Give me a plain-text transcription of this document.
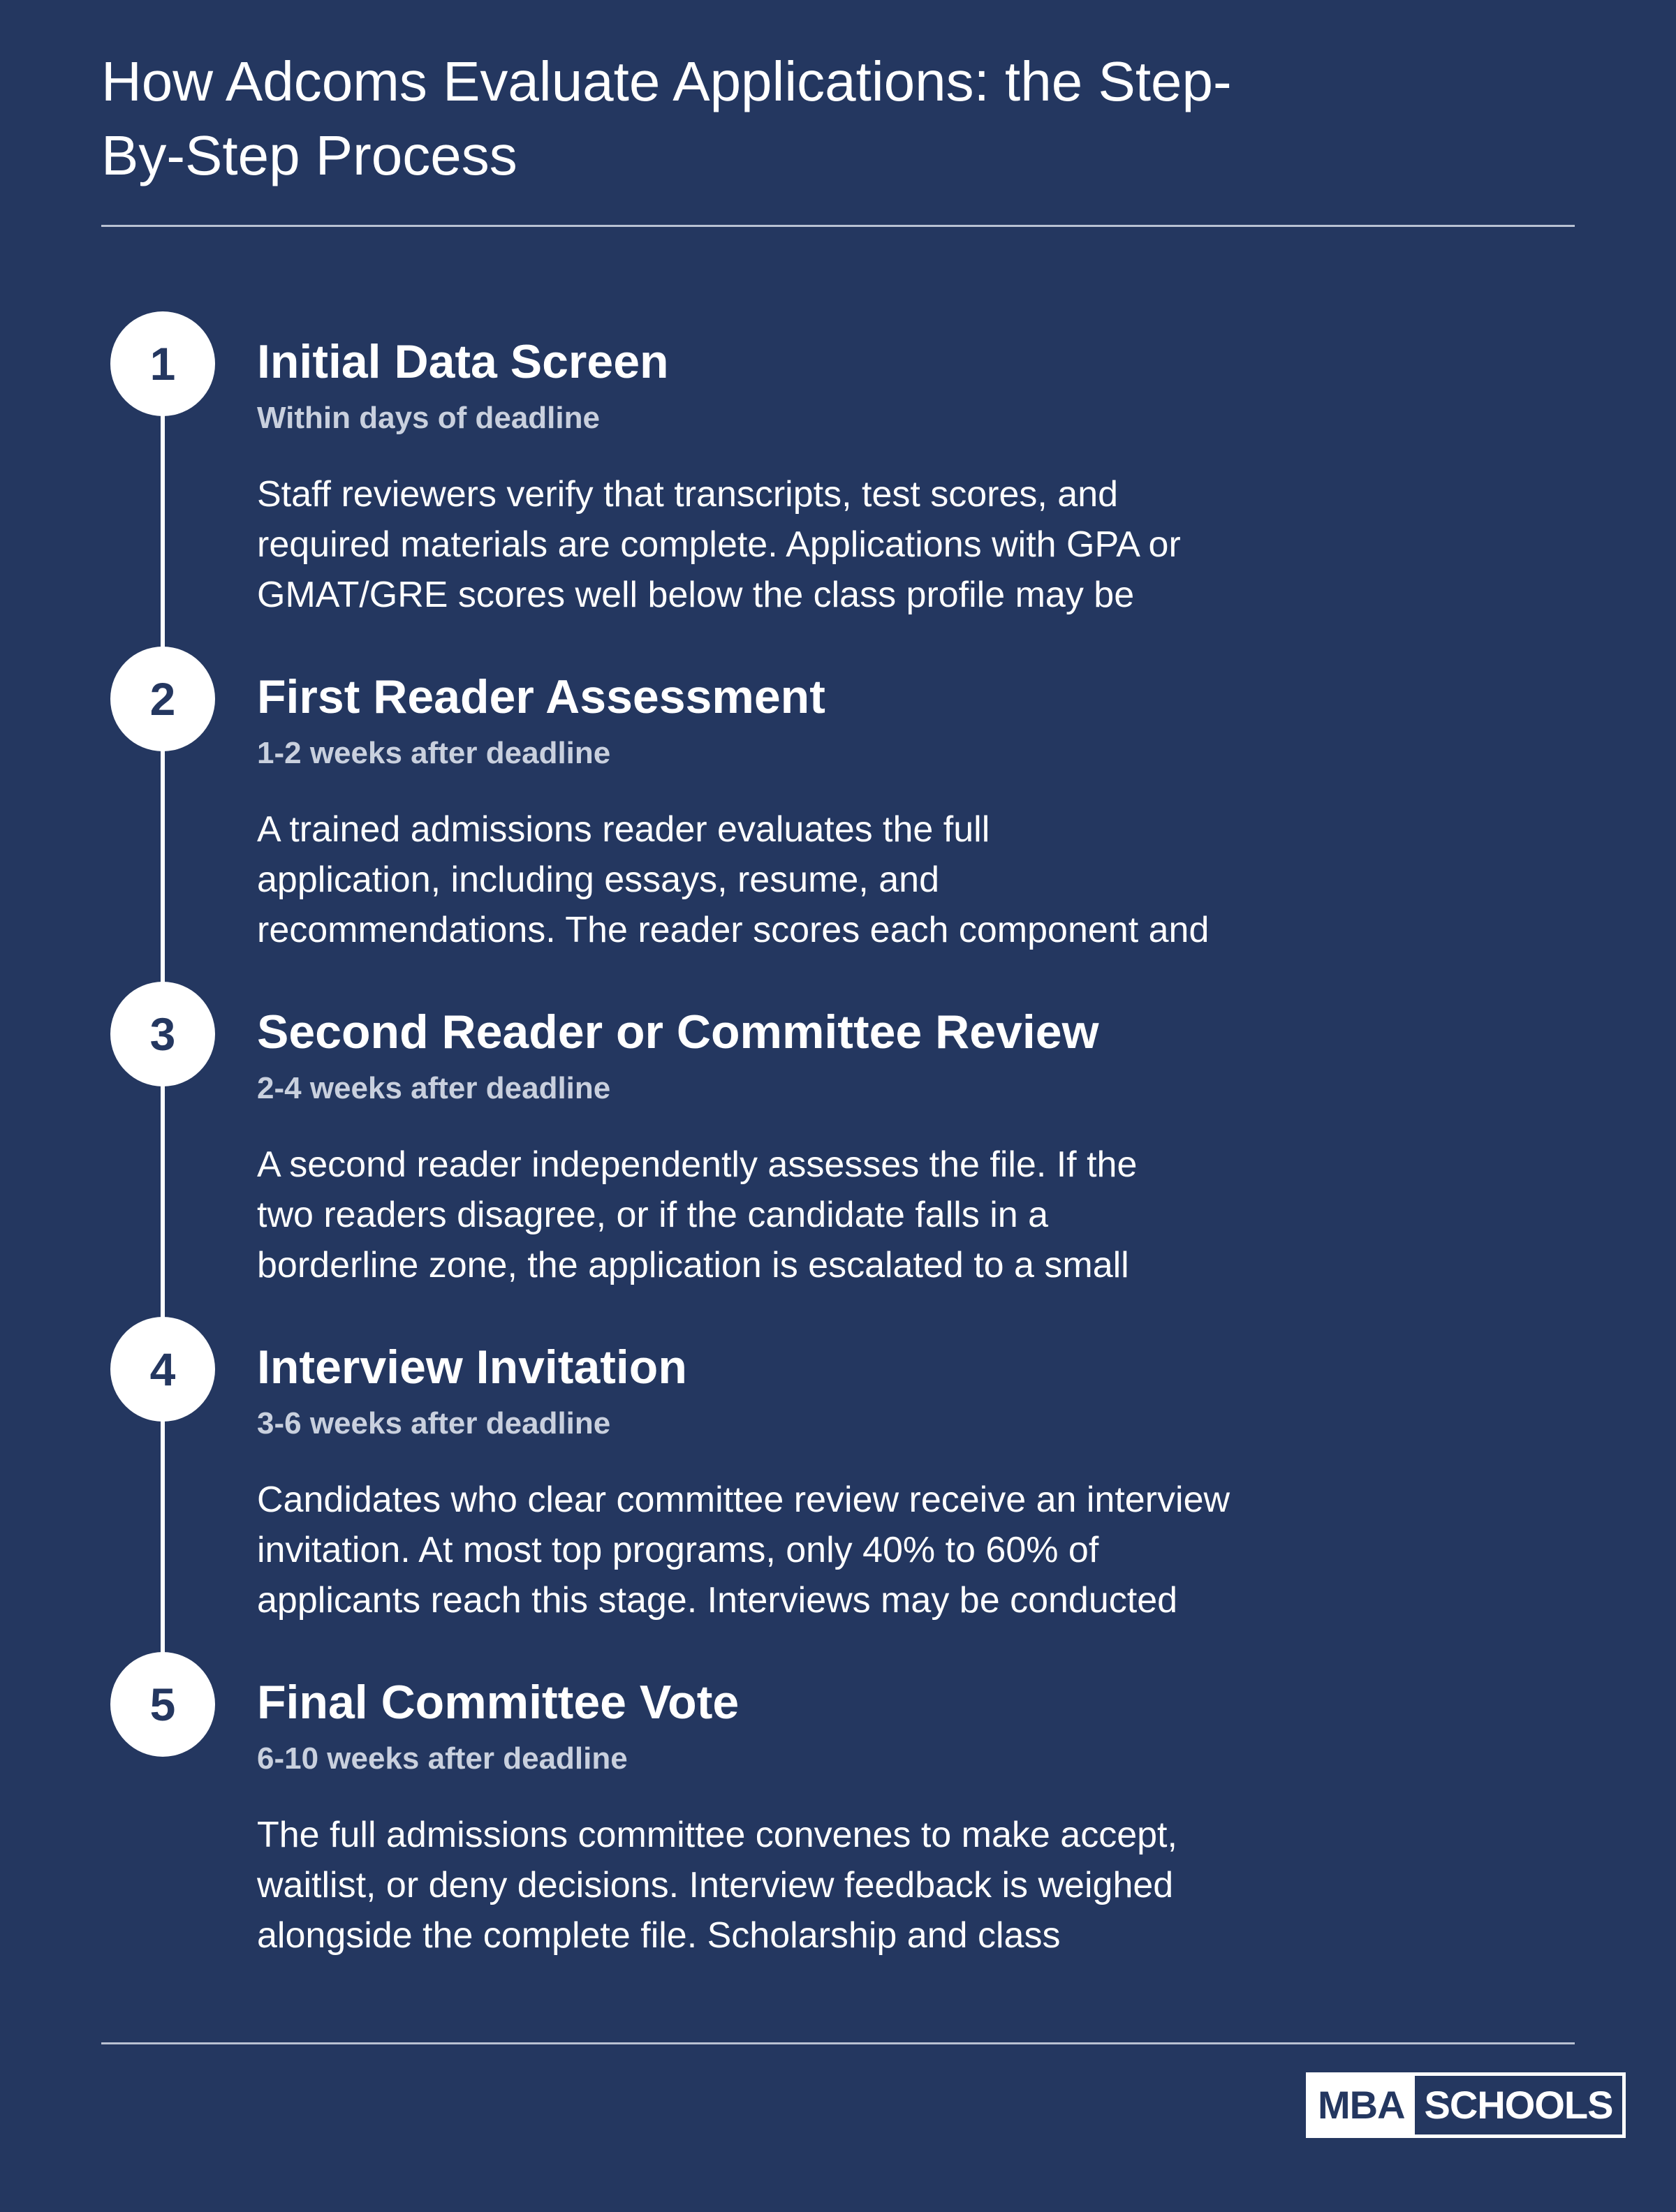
How Adcoms Evaluate Applications: the Step-By-Step Process
1	Initial Data Screen
Within days of deadline
Staff reviewers verify that transcripts, test scores, and
required materials are complete. Applications with GPA or
GMAT/GRE scores well below the class profile may be
2	First Reader Assessment
1-2 weeks after deadline
A trained admissions reader evaluates the full
application, including essays, resume, and
recommendations. The reader scores each component and
3	Second Reader or Committee Review
2-4 weeks after deadline
A second reader independently assesses the file. If the
two readers disagree, or if the candidate falls in a
borderline zone, the application is escalated to a small
4	Interview Invitation
3-6 weeks after deadline
Candidates who clear committee review receive an interview
invitation. At most top programs, only 40% to 60% of
applicants reach this stage. Interviews may be conducted
5	Final Committee Vote
6-10 weeks after deadline
The full admissions committee convenes to make accept,
waitlist, or deny decisions. Interview feedback is weighed
alongside the complete file. Scholarship and class
MBA SCHOOLS
